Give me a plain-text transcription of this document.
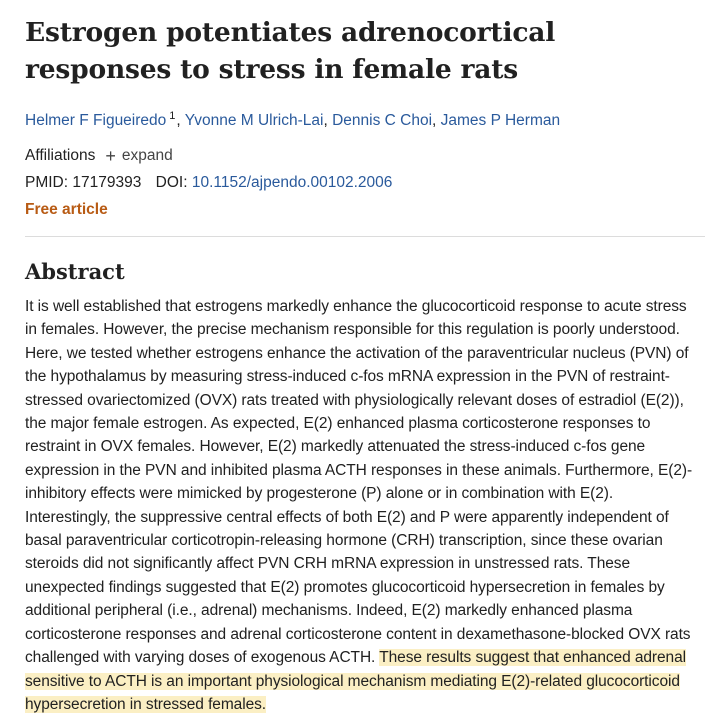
Estrogen potentiates adrenocortical responses to stress in female rats
Helmer F Figueiredo $^1$, Yvonne M Ulrich-Lai, Dennis C Choi, James P Herman
Affiliations + expand
PMID: 17179393 DOI: 10.1152/ajpendo.00102.2006
Free article
Abstract
It is well established that estrogens markedly enhance the glucocorticoid response to acute stress in females. However, the precise mechanism responsible for this regulation is poorly understood. Here, we tested whether estrogens enhance the activation of the paraventricular nucleus (PVN) of the hypothalamus by measuring stress-induced c-fos mRNA expression in the PVN of restraint-stressed ovariectomized (OVX) rats treated with physiologically relevant doses of estradiol (E(2)), the major female estrogen. As expected, E(2) enhanced plasma corticosterone responses to restraint in OVX females. However, E(2) markedly attenuated the stress-induced c-fos gene expression in the PVN and inhibited plasma ACTH responses in these animals. Furthermore, E(2)-inhibitory effects were mimicked by progesterone (P) alone or in combination with E(2). Interestingly, the suppressive central effects of both E(2) and P were apparently independent of basal paraventricular corticotropin-releasing hormone (CRH) transcription, since these ovarian steroids did not significantly affect PVN CRH mRNA expression in unstressed rats. These unexpected findings suggested that E(2) promotes glucocorticoid hypersecretion in females by additional peripheral (i.e., adrenal) mechanisms. Indeed, E(2) markedly enhanced plasma corticosterone responses and adrenal corticosterone content in dexamethasone-blocked OVX rats challenged with varying doses of exogenous ACTH. These results suggest that enhanced adrenal sensitive to ACTH is an important physiological mechanism mediating E(2)-related glucocorticoid hypersecretion in stressed females.
